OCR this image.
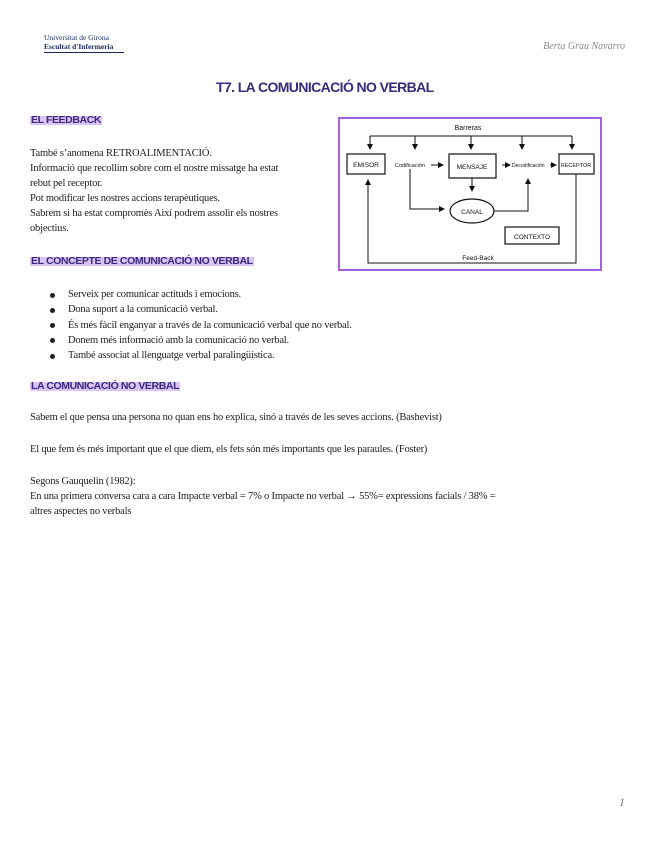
Universitat de Girona
Escultat d'Infermeria	Berta Grau Navarro
T7. LA COMUNICACIÓ NO VERBAL
EL FEEDBACK
També s’anomena RETROALIMENTACIÓ.
Informació que recollim sobre com el nostre missatge ha estat
rebut pel receptor.
Pot modificar les nostres accions terapèutiques.
Sabrem si ha estat compromès Així podrem assolir els nostres
objectius.
Barreras
EMISOR	Codificación	MENSAJE	Decodificación	RECEPTOR
CANAL
CONTEXTO
Feed-Back
EL CONCEPTE DE COMUNICACIÓ NO VERBAL
Serveix per comunicar actituds i emocions.
Dona suport a la comunicació verbal.
És més fàcil enganyar a través de la comunicació verbal que no verbal.
Donem més informació amb la comunicació no verbal.
També associat al llenguatge verbal paralingüística.
LA COMUNICACIÓ NO VERBAL
Sabem el que pensa una persona no quan ens ho explica, sinó a través de les seves accions. (Bashevist)
El que fem és més important que el que diem, els fets són més importants que les paraules. (Foster)
Segons Gauquelin (1982):
En una primera conversa cara a cara Impacte verbal = 7% o Impacte no verbal → 55%= expressions facials / 38% =
altres aspectes no verbals
1
